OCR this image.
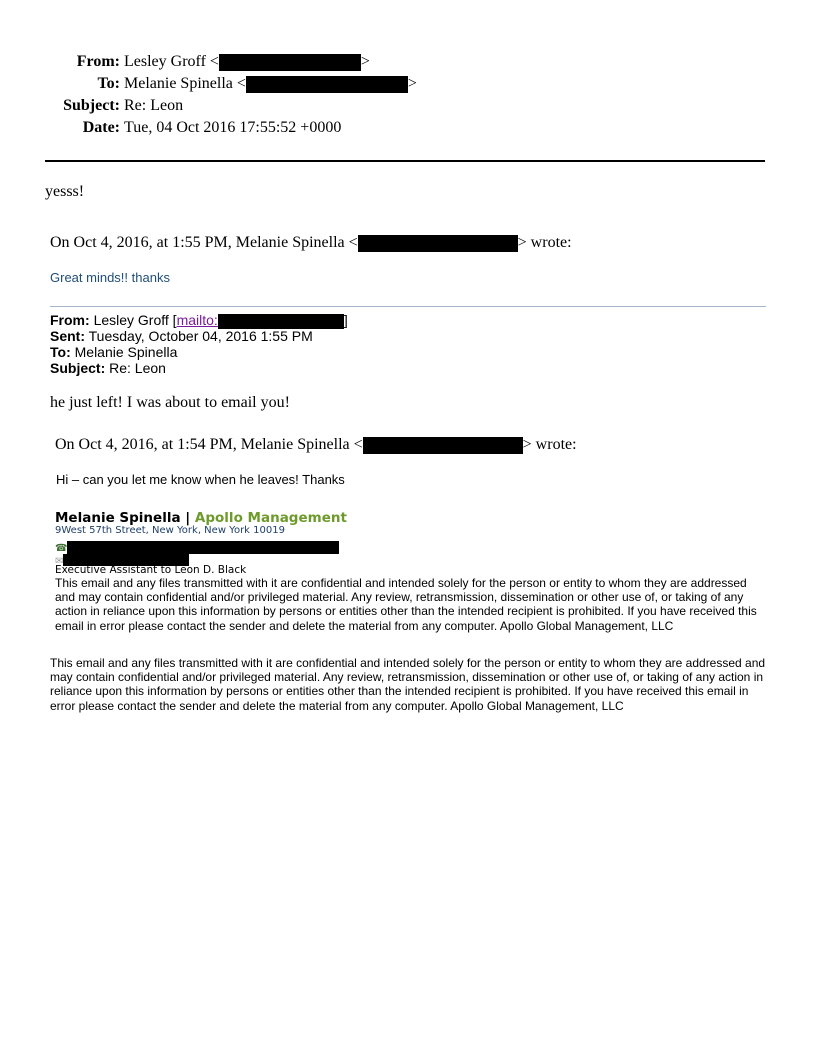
From: Lesley Groff <	>
To: Melanie Spinella <	>
Subject: Re: Leon
Date: Tue, 04 Oct 2016 17:55:52 +0000
yesss!
On Oct 4, 2016, at 1:55 PM, Melanie Spinella <	> wrote:
Great minds!! thanks
From: Lesley Groff [mailto:	]
Sent: Tuesday, October 04, 2016 1:55 PM
To: Melanie Spinella
Subject: Re: Leon
he just left! I was about to email you!
On Oct 4, 2016, at 1:54 PM, Melanie Spinella <	> wrote:
Hi – can you let me know when he leaves! Thanks
Melanie Spinella | Apollo Management
9West 57th Street, New York, New York 10019
☎
✉
Executive Assistant to Leon D. Black
This email and any files transmitted with it are confidential and intended solely for the person or entity to whom they are addressed and may contain confidential and/or privileged material. Any review, retransmission, dissemination or other use of, or taking of any action in reliance upon this information by persons or entities other than the intended recipient is prohibited. If you have received this email in error please contact the sender and delete the material from any computer. Apollo Global Management, LLC
This email and any files transmitted with it are confidential and intended solely for the person or entity to whom they are addressed and may contain confidential and/or privileged material. Any review, retransmission, dissemination or other use of, or taking of any action in reliance upon this information by persons or entities other than the intended recipient is prohibited. If you have received this email in error please contact the sender and delete the material from any computer. Apollo Global Management, LLC
